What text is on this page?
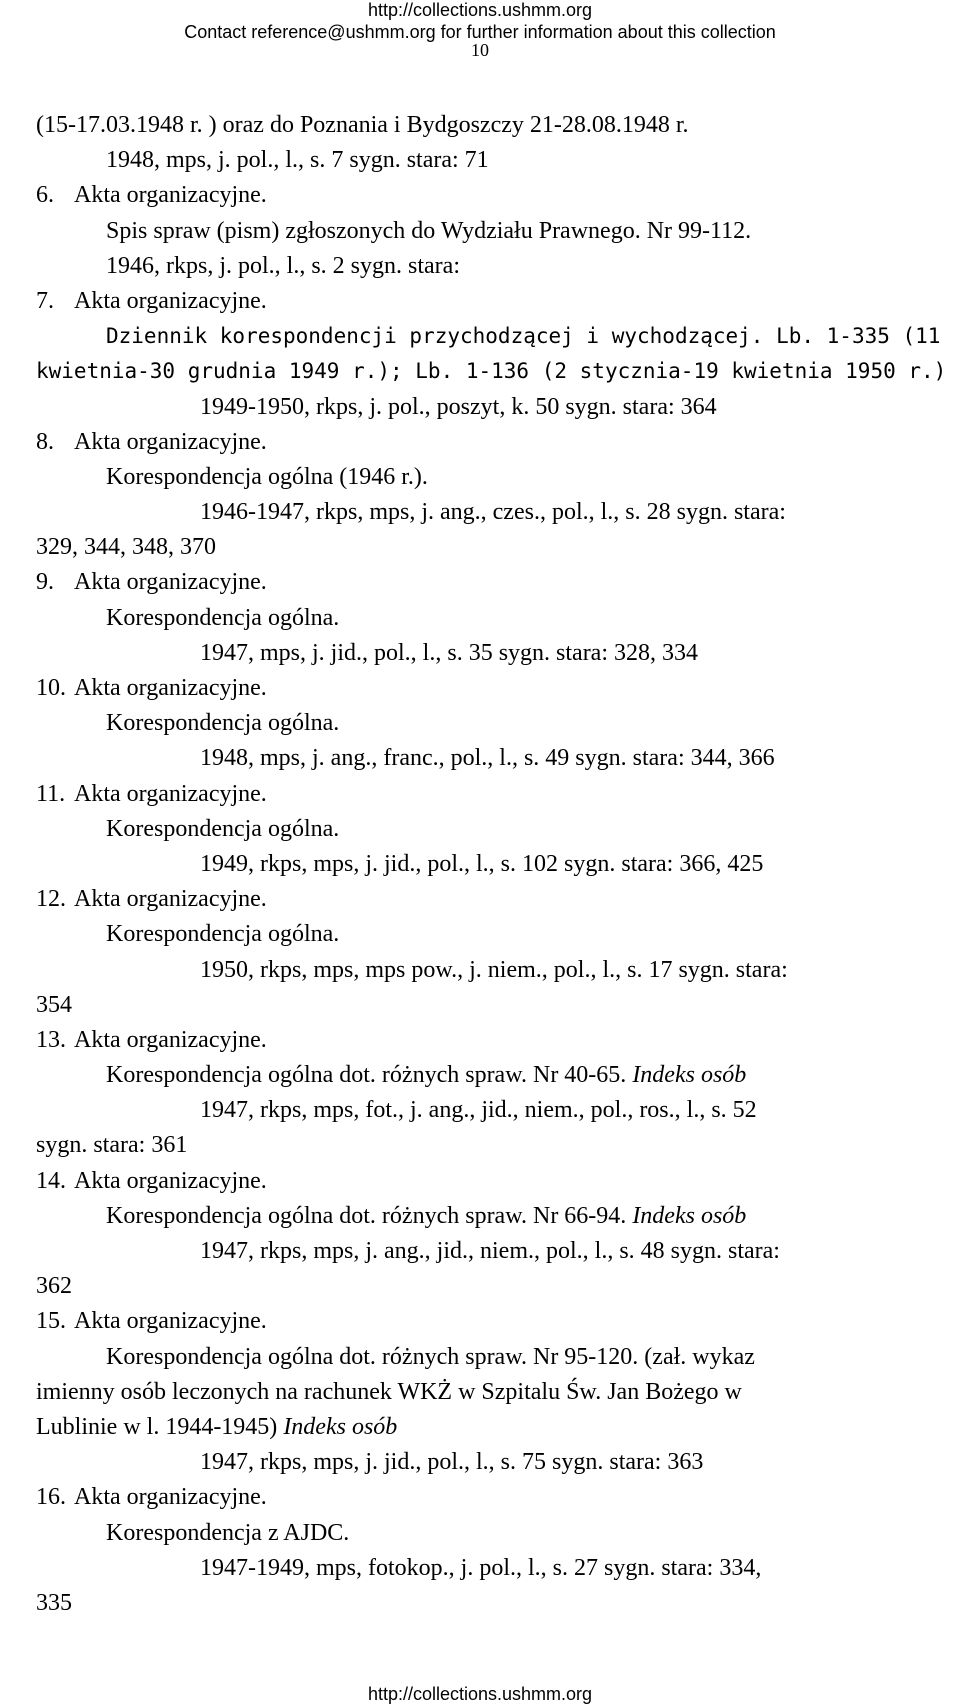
http://collections.ushmm.org
Contact reference@ushmm.org for further information about this collection
10
(15-17.03.1948 r. ) oraz do Poznania i Bydgoszczy 21-28.08.1948 r.
1948, mps, j. pol., l., s. 7 sygn. stara: 71
6. Akta organizacyjne.
Spis spraw (pism) zgłoszonych do Wydziału Prawnego. Nr 99-112.
1946, rkps, j. pol., l., s. 2 sygn. stara:
7. Akta organizacyjne.
Dziennik korespondencji przychodzącej i wychodzącej. Lb. 1-335 (11
kwietnia-30 grudnia 1949 r.); Lb. 1-136 (2 stycznia-19 kwietnia 1950 r.)
1949-1950, rkps, j. pol., poszyt, k. 50 sygn. stara: 364
8. Akta organizacyjne.
Korespondencja ogólna (1946 r.).
1946-1947, rkps, mps, j. ang., czes., pol., l., s. 28 sygn. stara:
329, 344, 348, 370
9. Akta organizacyjne.
Korespondencja ogólna.
1947, mps, j. jid., pol., l., s. 35 sygn. stara: 328, 334
10. Akta organizacyjne.
Korespondencja ogólna.
1948, mps, j. ang., franc., pol., l., s. 49 sygn. stara: 344, 366
11. Akta organizacyjne.
Korespondencja ogólna.
1949, rkps, mps, j. jid., pol., l., s. 102 sygn. stara: 366, 425
12. Akta organizacyjne.
Korespondencja ogólna.
1950, rkps, mps, mps pow., j. niem., pol., l., s. 17 sygn. stara:
354
13. Akta organizacyjne.
Korespondencja ogólna dot. różnych spraw. Nr 40-65. Indeks osób
1947, rkps, mps, fot., j. ang., jid., niem., pol., ros., l., s. 52
sygn. stara: 361
14. Akta organizacyjne.
Korespondencja ogólna dot. różnych spraw. Nr 66-94. Indeks osób
1947, rkps, mps, j. ang., jid., niem., pol., l., s. 48 sygn. stara:
362
15. Akta organizacyjne.
Korespondencja ogólna dot. różnych spraw. Nr 95-120. (zał. wykaz
imienny osób leczonych na rachunek WKŻ w Szpitalu Św. Jan Bożego w
Lublinie w l. 1944-1945) Indeks osób
1947, rkps, mps, j. jid., pol., l., s. 75 sygn. stara: 363
16. Akta organizacyjne.
Korespondencja z AJDC.
1947-1949, mps, fotokop., j. pol., l., s. 27 sygn. stara: 334,
335
http://collections.ushmm.org
